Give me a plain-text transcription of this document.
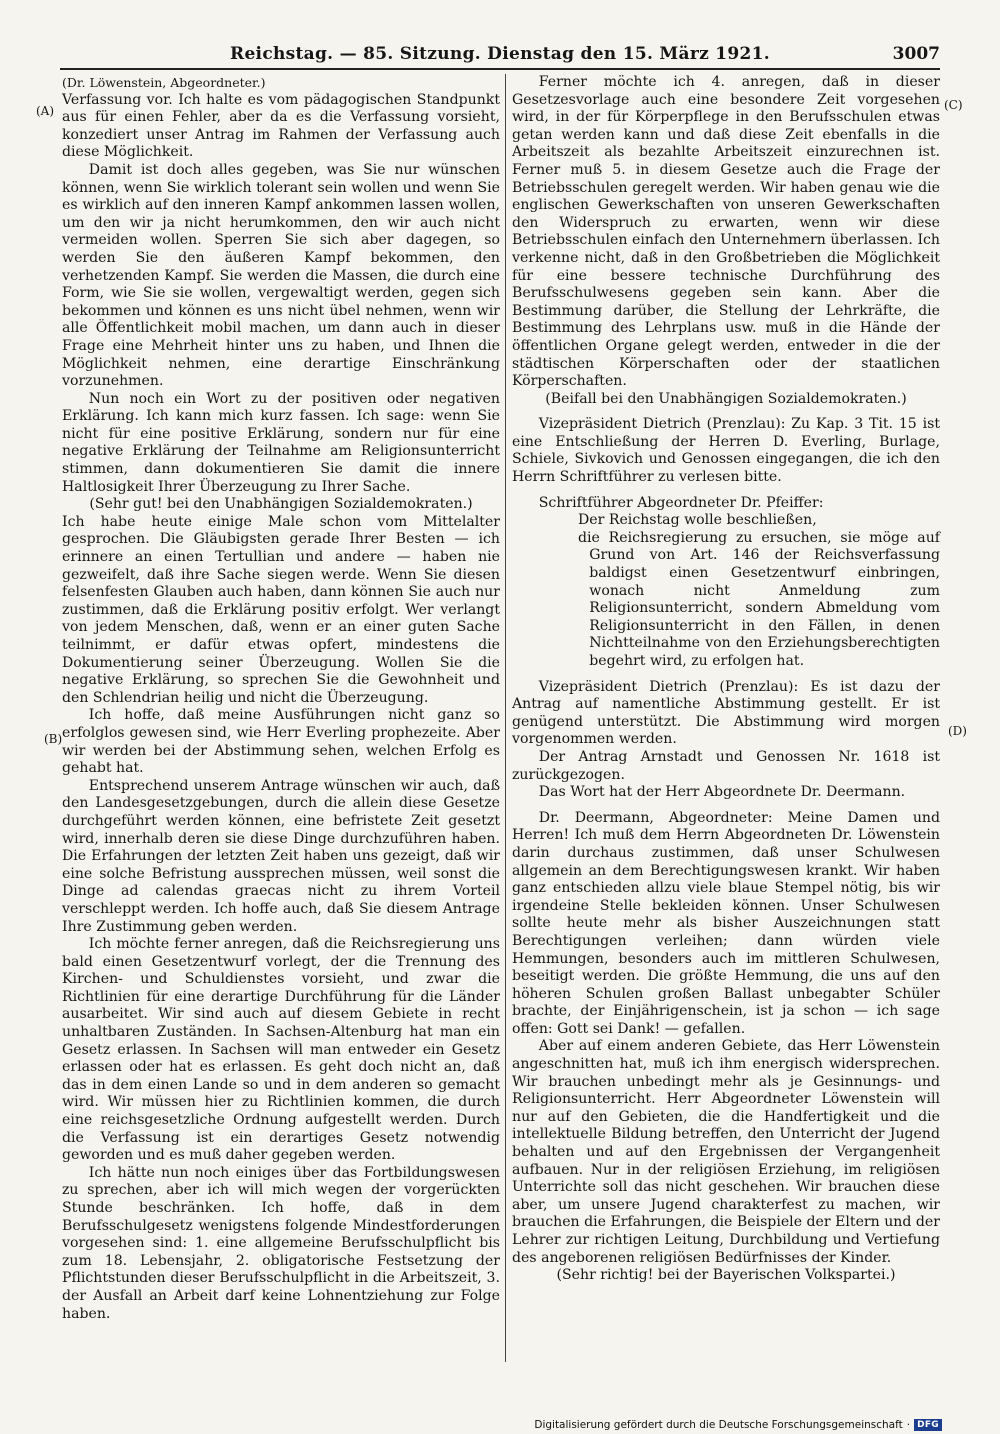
Reichstag. — 85. Sitzung. Dienstag den 15. März 1921.	3007
(A)
(B)
(C)
(D)

(Dr. Löwenstein, Abgeordneter.)

Verfassung vor. Ich halte es vom pädagogischen Standpunkt aus für einen Fehler, aber da es die Verfassung vorsieht, konzediert unser Antrag im Rahmen der Verfassung auch diese Möglichkeit.

Damit ist doch alles gegeben, was Sie nur wünschen können, wenn Sie wirklich tolerant sein wollen und wenn Sie es wirklich auf den inneren Kampf ankommen lassen wollen, um den wir ja nicht herumkommen, den wir auch nicht vermeiden wollen. Sperren Sie sich aber dagegen, so werden Sie den äußeren Kampf bekommen, den verhetzenden Kampf. Sie werden die Massen, die durch eine Form, wie Sie sie wollen, vergewaltigt werden, gegen sich bekommen und können es uns nicht übel nehmen, wenn wir alle Öffentlichkeit mobil machen, um dann auch in dieser Frage eine Mehrheit hinter uns zu haben, und Ihnen die Möglichkeit nehmen, eine derartige Einschränkung vorzunehmen.

Nun noch ein Wort zu der positiven oder negativen Erklärung. Ich kann mich kurz fassen. Ich sage: wenn Sie nicht für eine positive Erklärung, sondern nur für eine negative Erklärung der Teilnahme am Religionsunterricht stimmen, dann dokumentieren Sie damit die innere Haltlosigkeit Ihrer Überzeugung zu Ihrer Sache.

(Sehr gut! bei den Unabhängigen Sozialdemokraten.)

Ich habe heute einige Male schon vom Mittelalter gesprochen. Die Gläubigsten gerade Ihrer Besten — ich erinnere an einen Tertullian und andere — haben nie gezweifelt, daß ihre Sache siegen werde. Wenn Sie diesen felsenfesten Glauben auch haben, dann können Sie auch nur zustimmen, daß die Erklärung positiv erfolgt. Wer verlangt von jedem Menschen, daß, wenn er an einer guten Sache teilnimmt, er dafür etwas opfert, mindestens die Dokumentierung seiner Überzeugung. Wollen Sie die negative Erklärung, so sprechen Sie die Gewohnheit und den Schlendrian heilig und nicht die Überzeugung.

Ich hoffe, daß meine Ausführungen nicht ganz so erfolglos gewesen sind, wie Herr Everling prophezeite. Aber wir werden bei der Abstimmung sehen, welchen Erfolg es gehabt hat.

Entsprechend unserem Antrage wünschen wir auch, daß den Landesgesetzgebungen, durch die allein diese Gesetze durchgeführt werden können, eine befristete Zeit gesetzt wird, innerhalb deren sie diese Dinge durchzuführen haben. Die Erfahrungen der letzten Zeit haben uns gezeigt, daß wir eine solche Befristung aussprechen müssen, weil sonst die Dinge ad calendas graecas nicht zu ihrem Vorteil verschleppt werden. Ich hoffe auch, daß Sie diesem Antrage Ihre Zustimmung geben werden.

Ich möchte ferner anregen, daß die Reichsregierung uns bald einen Gesetzentwurf vorlegt, der die Trennung des Kirchen- und Schuldienstes vorsieht, und zwar die Richtlinien für eine derartige Durchführung für die Länder ausarbeitet. Wir sind auch auf diesem Gebiete in recht unhaltbaren Zuständen. In Sachsen-Altenburg hat man ein Gesetz erlassen. In Sachsen will man entweder ein Gesetz erlassen oder hat es erlassen. Es geht doch nicht an, daß das in dem einen Lande so und in dem anderen so gemacht wird. Wir müssen hier zu Richtlinien kommen, die durch eine reichsgesetzliche Ordnung aufgestellt werden. Durch die Verfassung ist ein derartiges Gesetz notwendig geworden und es muß daher gegeben werden.

Ich hätte nun noch einiges über das Fortbildungswesen zu sprechen, aber ich will mich wegen der vorgerückten Stunde beschränken. Ich hoffe, daß in dem Berufsschulgesetz wenigstens folgende Mindestforderungen vorgesehen sind: 1. eine allgemeine Berufsschulpflicht bis zum 18. Lebensjahr, 2. obligatorische Festsetzung der Pflichtstunden dieser Berufsschulpflicht in die Arbeitszeit, 3. der Ausfall an Arbeit darf keine Lohnentziehung zur Folge haben.

Ferner möchte ich 4. anregen, daß in dieser Gesetzesvorlage auch eine besondere Zeit vorgesehen wird, in der für Körperpflege in den Berufsschulen etwas getan werden kann und daß diese Zeit ebenfalls in die Arbeitszeit als bezahlte Arbeitszeit einzurechnen ist. Ferner muß 5. in diesem Gesetze auch die Frage der Betriebsschulen geregelt werden. Wir haben genau wie die englischen Gewerkschaften von unseren Gewerkschaften den Widerspruch zu erwarten, wenn wir diese Betriebsschulen einfach den Unternehmern überlassen. Ich verkenne nicht, daß in den Großbetrieben die Möglichkeit für eine bessere technische Durchführung des Berufsschulwesens gegeben sein kann. Aber die Bestimmung darüber, die Stellung der Lehrkräfte, die Bestimmung des Lehrplans usw. muß in die Hände der öffentlichen Organe gelegt werden, entweder in die der städtischen Körperschaften oder der staatlichen Körperschaften.

(Beifall bei den Unabhängigen Sozialdemokraten.)

Vizepräsident Dietrich (Prenzlau): Zu Kap. 3 Tit. 15 ist eine Entschließung der Herren D. Everling, Burlage, Schiele, Sivkovich und Genossen eingegangen, die ich den Herrn Schriftführer zu verlesen bitte.

Schriftführer Abgeordneter Dr. Pfeiffer:

Der Reichstag wolle beschließen,

die Reichsregierung zu ersuchen, sie möge auf Grund von Art. 146 der Reichsverfassung baldigst einen Gesetzentwurf einbringen, wonach nicht Anmeldung zum Religionsunterricht, sondern Abmeldung vom Religionsunterricht in den Fällen, in denen Nichtteilnahme von den Erziehungsberechtigten begehrt wird, zu erfolgen hat.

Vizepräsident Dietrich (Prenzlau): Es ist dazu der Antrag auf namentliche Abstimmung gestellt. Er ist genügend unterstützt. Die Abstimmung wird morgen vorgenommen werden.

Der Antrag Arnstadt und Genossen Nr. 1618 ist zurückgezogen.

Das Wort hat der Herr Abgeordnete Dr. Deermann.

Dr. Deermann, Abgeordneter: Meine Damen und Herren! Ich muß dem Herrn Abgeordneten Dr. Löwenstein darin durchaus zustimmen, daß unser Schulwesen allgemein an dem Berechtigungswesen krankt. Wir haben ganz entschieden allzu viele blaue Stempel nötig, bis wir irgendeine Stelle bekleiden können. Unser Schulwesen sollte heute mehr als bisher Auszeichnungen statt Berechtigungen verleihen; dann würden viele Hemmungen, besonders auch im mittleren Schulwesen, beseitigt werden. Die größte Hemmung, die uns auf den höheren Schulen großen Ballast unbegabter Schüler brachte, der Einjährigenschein, ist ja schon — ich sage offen: Gott sei Dank! — gefallen.

Aber auf einem anderen Gebiete, das Herr Löwenstein angeschnitten hat, muß ich ihm energisch widersprechen. Wir brauchen unbedingt mehr als je Gesinnungs- und Religionsunterricht. Herr Abgeordneter Löwenstein will nur auf den Gebieten, die die Handfertigkeit und die intellektuelle Bildung betreffen, den Unterricht der Jugend behalten und auf den Ergebnissen der Vergangenheit aufbauen. Nur in der religiösen Erziehung, im religiösen Unterrichte soll das nicht geschehen. Wir brauchen diese aber, um unsere Jugend charakterfest zu machen, wir brauchen die Erfahrungen, die Beispiele der Eltern und der Lehrer zur richtigen Leitung, Durchbildung und Vertiefung des angeborenen religiösen Bedürfnisses der Kinder.

(Sehr richtig! bei der Bayerischen Volkspartei.)

Digitalisierung gefördert durch die Deutsche Forschungsgemeinschaft · DFG
